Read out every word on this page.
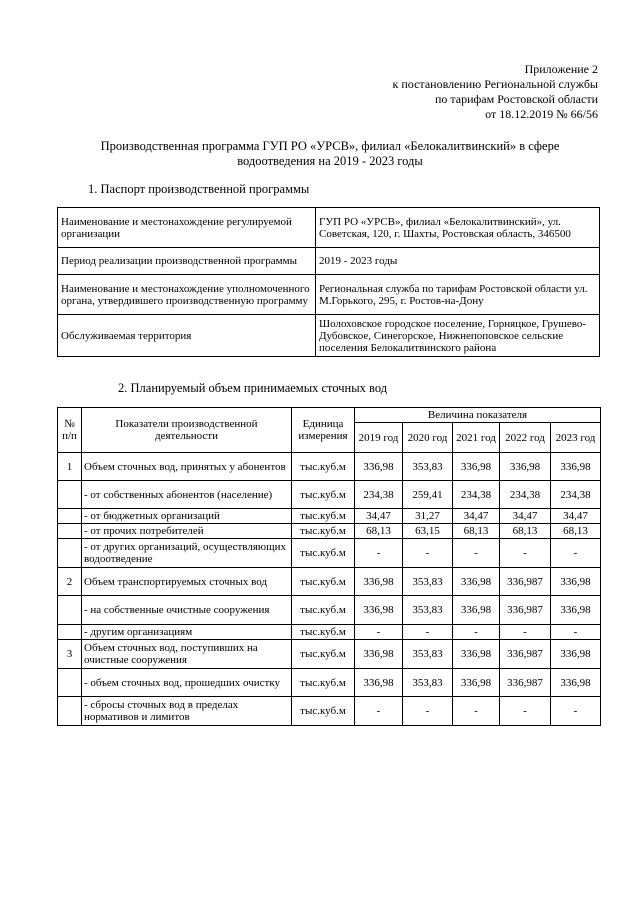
Приложение 2
к постановлению Региональной службы
по тарифам Ростовской области
от 18.12.2019 № 66/56
Производственная программа ГУП РО «УРСВ», филиал «Белокалитвинский» в сфере
водоотведения на 2019 - 2023 годы
1. Паспорт производственной программы
Наименование и местонахождение регулируемой организации	ГУП РО «УРСВ», филиал «Белокалитвинский», ул. Советская, 120, г. Шахты, Ростовская область, 346500
Период реализации производственной программы	2019 - 2023 годы
Наименование и местонахождение уполномоченного органа, утвердившего производственную программу	Региональная служба по тарифам Ростовской области ул. М.Горького, 295, г. Ростов-на-Дону
Обслуживаемая территория	Шолоховское городское поселение, Горняцкое, Грушево-Дубовское, Синегорское, Нижнепоповское сельские поселения Белокалитвинского района
2. Планируемый объем принимаемых сточных вод
№ п/п	Показатели производственной деятельности	Единица измерения	Величина показателя				
			2019 год	2020 год	2021 год	2022 год	2023 год
1	Объем сточных вод, принятых у абонентов	тыс.куб.м	336,98	353,83	336,98	336,98	336,98
	- от собственных абонентов (население)	тыс.куб.м	234,38	259,41	234,38	234,38	234,38
	- от бюджетных организаций	тыс.куб.м	34,47	31,27	34,47	34,47	34,47
	- от прочих потребителей	тыс.куб.м	68,13	63,15	68,13	68,13	68,13
	- от других организаций, осуществляющих водоотведение	тыс.куб.м	-	-	-	-	-
2	Объем транспортируемых сточных вод	тыс.куб.м	336,98	353,83	336,98	336,987	336,98
	- на собственные очистные сооружения	тыс.куб.м	336,98	353,83	336,98	336,987	336,98
	- другим организациям	тыс.куб.м	-	-	-	-	-
3	Объем сточных вод, поступивших на очистные сооружения	тыс.куб.м	336,98	353,83	336,98	336,987	336,98
	- объем сточных вод, прошедших очистку	тыс.куб.м	336,98	353,83	336,98	336,987	336,98
	- сбросы сточных вод в пределах нормативов и лимитов	тыс.куб.м	-	-	-	-	-
